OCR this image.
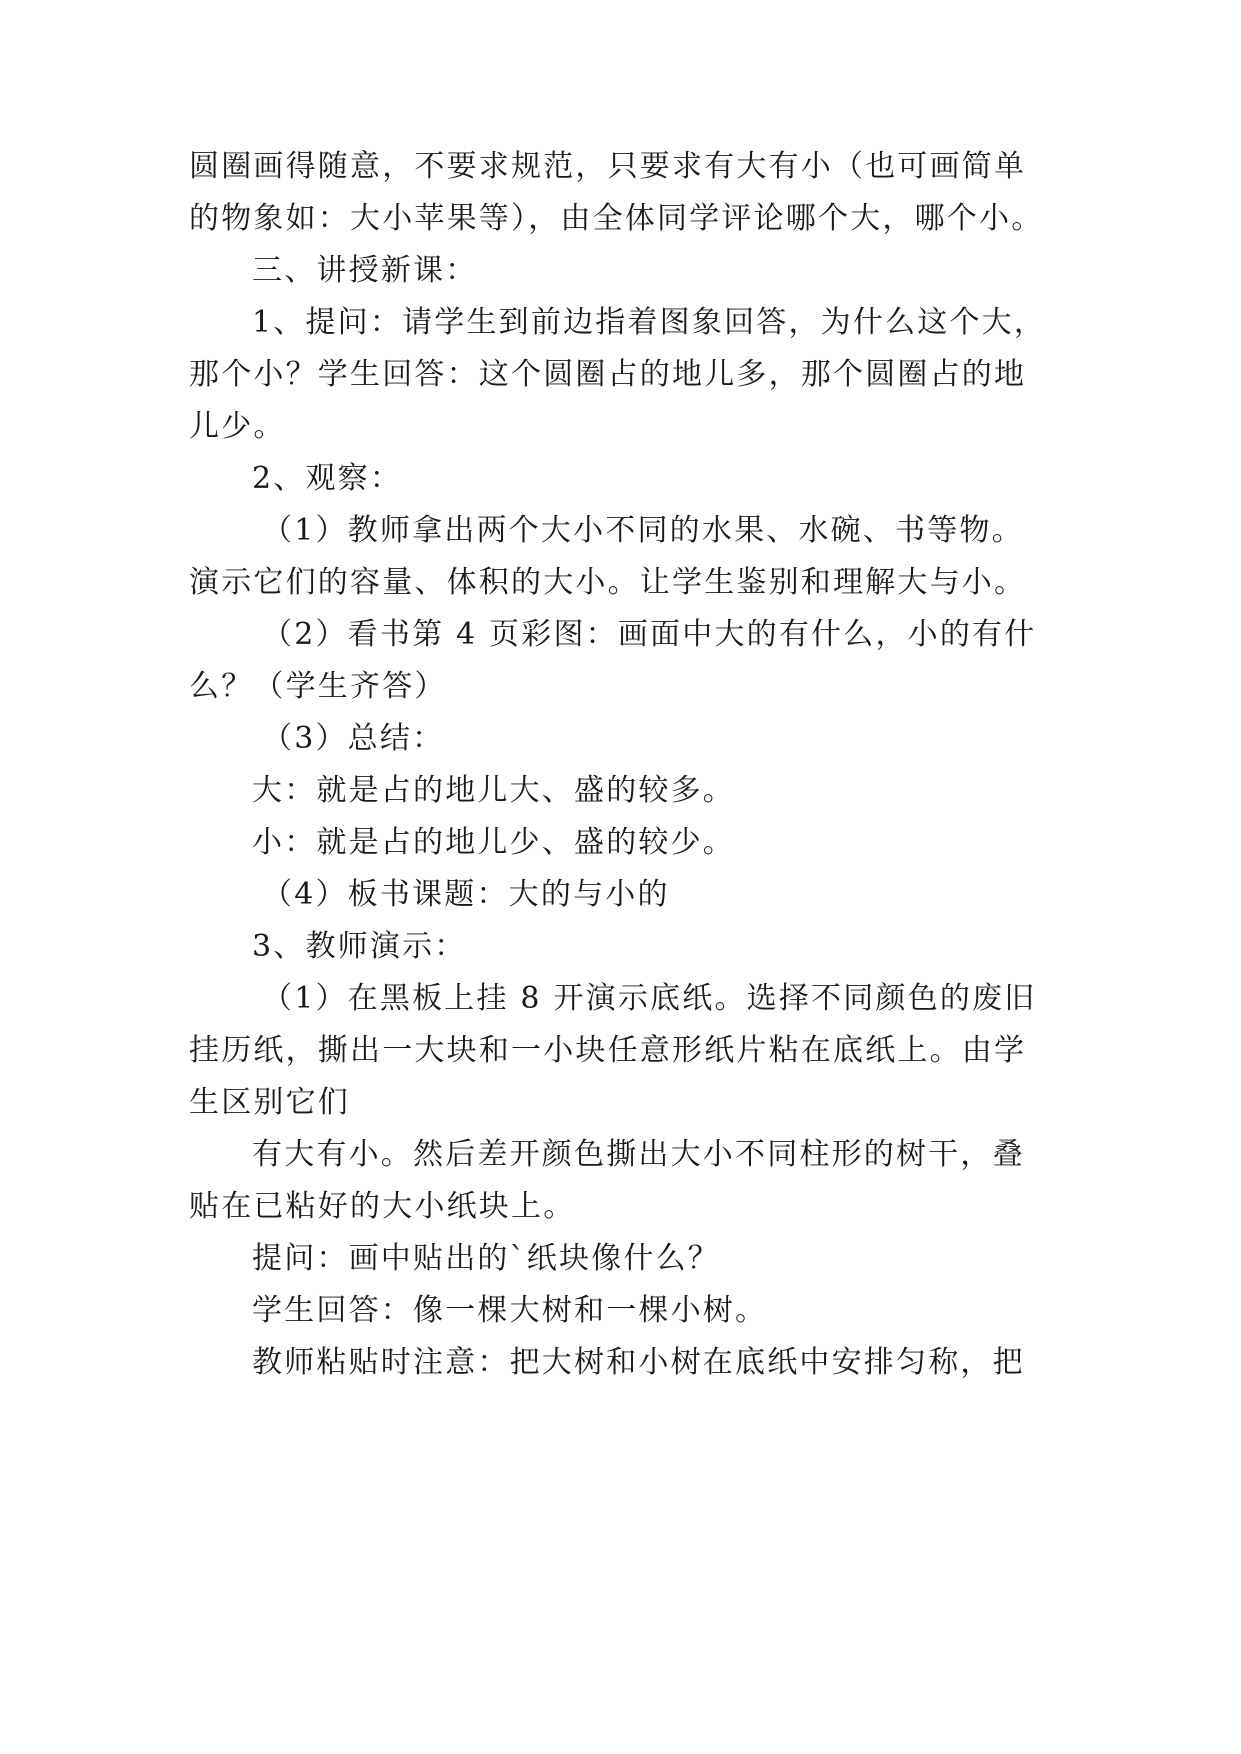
圆圈画得随意，不要求规范，只要求有大有小（也可画简单
的物象如：大小苹果等），由全体同学评论哪个大，哪个小。
三、讲授新课：
1、提问：请学生到前边指着图象回答，为什么这个大，
那个小？学生回答：这个圆圈占的地儿多，那个圆圈占的地
儿少。
2、观察：
（1）教师拿出两个大小不同的水果、水碗、书等物。
演示它们的容量、体积的大小。让学生鉴别和理解大与小。
（2）看书第 4 页彩图：画面中大的有什么，小的有什
么？（学生齐答）
（3）总结：
大：就是占的地儿大、盛的较多。
小：就是占的地儿少、盛的较少。
（4）板书课题：大的与小的
3、教师演示：
（1）在黑板上挂 8 开演示底纸。选择不同颜色的废旧
挂历纸，撕出一大块和一小块任意形纸片粘在底纸上。由学
生区别它们
有大有小。然后差开颜色撕出大小不同柱形的树干，叠
贴在已粘好的大小纸块上。
提问：画中贴出的`纸块像什么？
学生回答：像一棵大树和一棵小树。
教师粘贴时注意：把大树和小树在底纸中安排匀称，把
